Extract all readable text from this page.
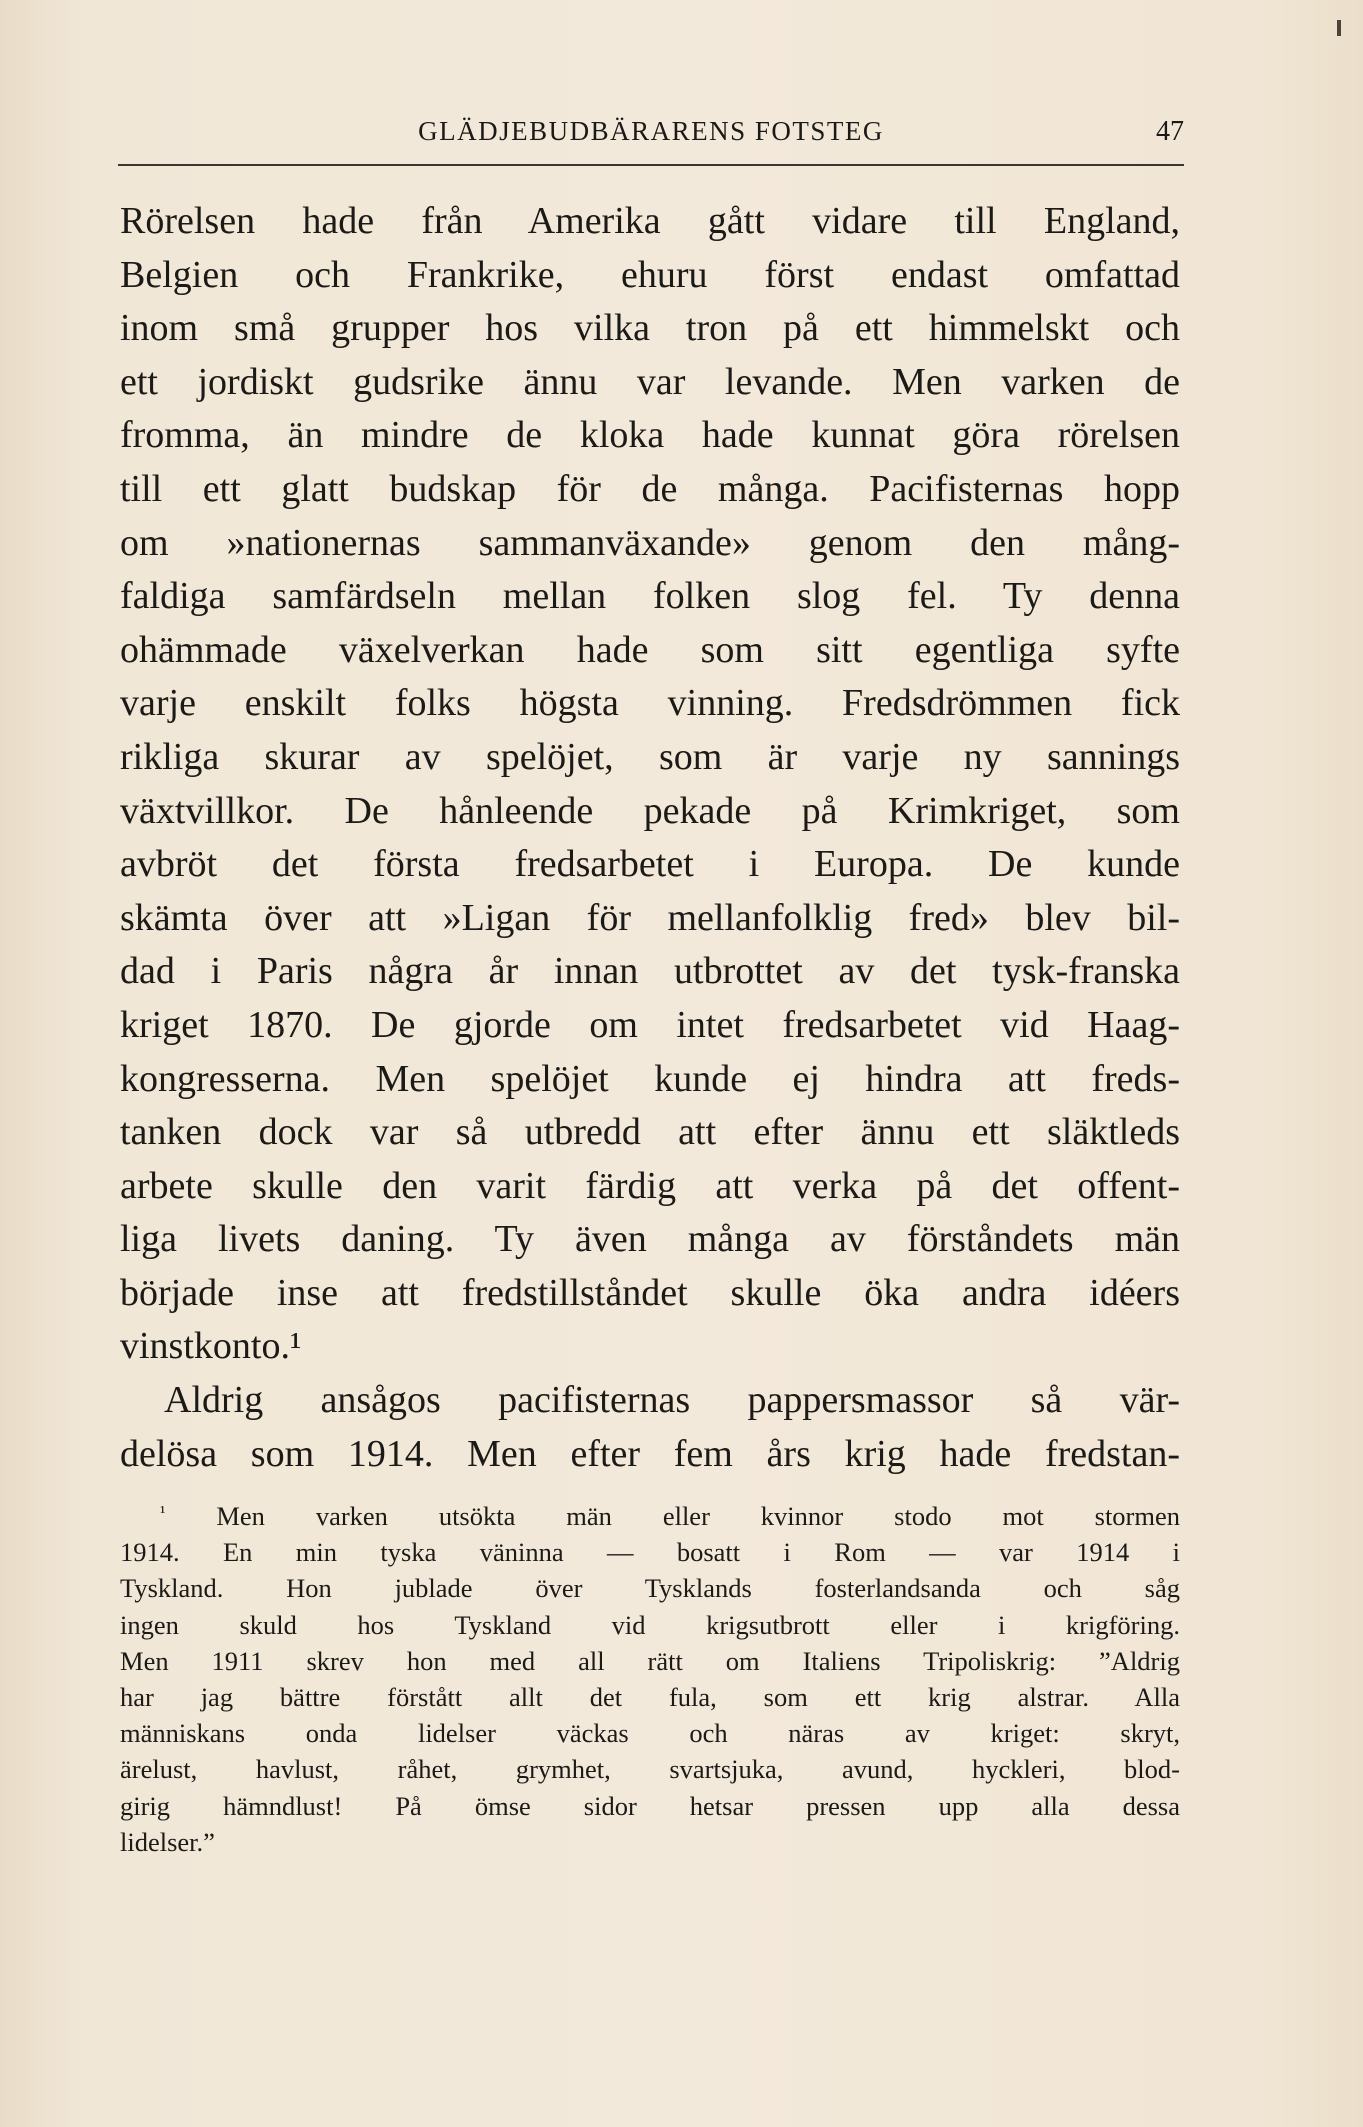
GLÄDJEBUDBÄRARENS FOTSTEG	47
Rörelsen hade från Amerika gått vidare till England,
Belgien och Frankrike, ehuru först endast omfattad
inom små grupper hos vilka tron på ett himmelskt och
ett jordiskt gudsrike ännu var levande. Men varken de
fromma, än mindre de kloka hade kunnat göra rörelsen
till ett glatt budskap för de många. Pacifisternas hopp
om »nationernas sammanväxande» genom den mång-
faldiga samfärdseln mellan folken slog fel. Ty denna
ohämmade växelverkan hade som sitt egentliga syfte
varje enskilt folks högsta vinning. Fredsdrömmen fick
rikliga skurar av spelöjet, som är varje ny sannings
växtvillkor. De hånleende pekade på Krimkriget, som
avbröt det första fredsarbetet i Europa. De kunde
skämta över att »Ligan för mellanfolklig fred» blev bil-
dad i Paris några år innan utbrottet av det tysk-franska
kriget 1870. De gjorde om intet fredsarbetet vid Haag-
kongresserna. Men spelöjet kunde ej hindra att freds-
tanken dock var så utbredd att efter ännu ett släktleds
arbete skulle den varit färdig att verka på det offent-
liga livets daning. Ty även många av förståndets män
började inse att fredstillståndet skulle öka andra idéers
vinstkonto.¹
Aldrig ansågos pacifisternas pappersmassor så vär-
delösa som 1914. Men efter fem års krig hade fredstan-
$^{^1}$ Men varken utsökta män eller kvinnor stodo mot stormen
1914. En min tyska väninna — bosatt i Rom — var 1914 i
Tyskland. Hon jublade över Tysklands fosterlandsanda och såg
ingen skuld hos Tyskland vid krigsutbrott eller i krigföring.
Men 1911 skrev hon med all rätt om Italiens Tripoliskrig: ”Aldrig
har jag bättre förstått allt det fula, som ett krig alstrar. Alla
människans onda lidelser väckas och näras av kriget: skryt,
ärelust, havlust, råhet, grymhet, svartsjuka, avund, hyckleri, blod-
girig hämndlust! På ömse sidor hetsar pressen upp alla dessa
lidelser.”
